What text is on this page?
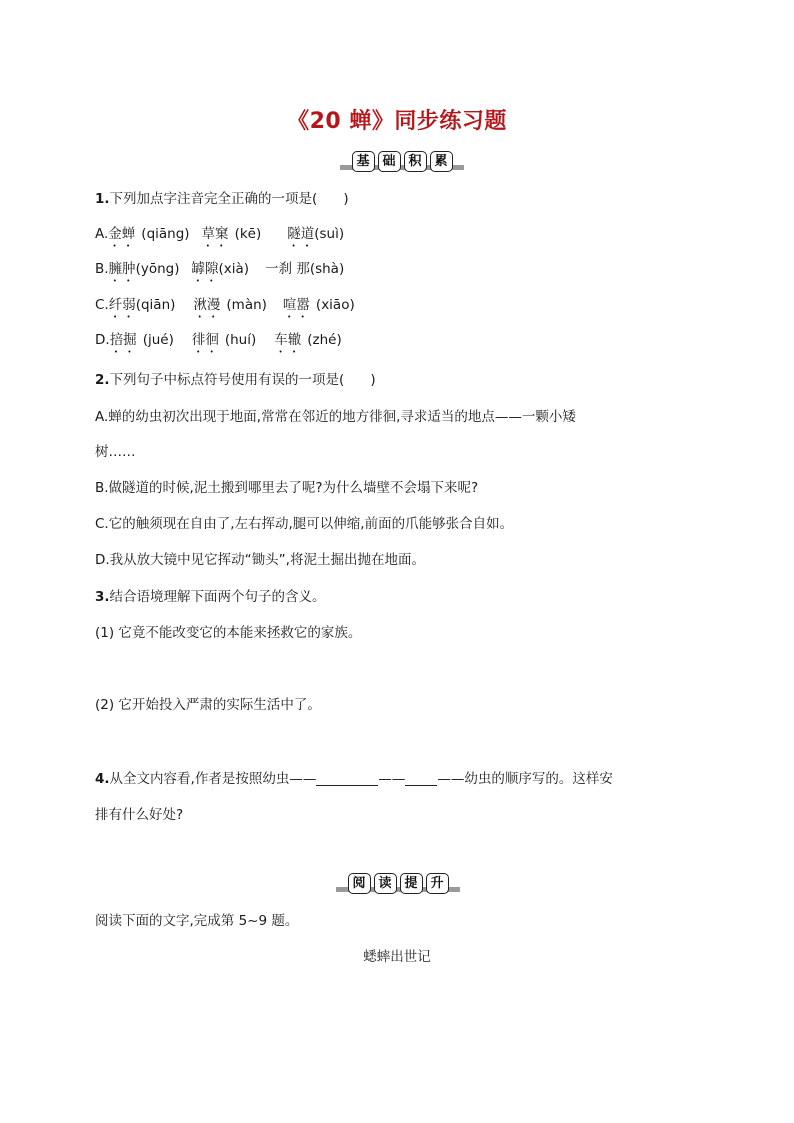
《20 蝉》同步练习题
基 础 积 累
1.下列加点字注音完全正确的一项是( )
A.金蝉 (qiāng) 草窠 (kē) 隧道(suì)
B.臃肿(yōng) 罅隙(xià) 一刹 那(shà)
C.纤弱(qiān) 湫漫 (màn) 喧嚣 (xiāo)
D.掊掘 (jué) 徘徊 (huí) 车辙 (zhé)
2.下列句子中标点符号使用有误的一项是( )
A.蝉的幼虫初次出现于地面,常常在邻近的地方徘徊,寻求适当的地点——一颗小矮
树……
B.做隧道的时候,泥土搬到哪里去了呢?为什么墙壁不会塌下来呢?
C.它的触须现在自由了,左右挥动,腿可以伸缩,前面的爪能够张合自如。
D.我从放大镜中见它挥动“锄头”,将泥土掘出抛在地面。
3.结合语境理解下面两个句子的含义。
(1) 它竟不能改变它的本能来拯救它的家族。
(2) 它开始投入严肃的实际生活中了。
4.从全文内容看,作者是按照幼虫——	—— ——幼虫的顺序写的。这样安
排有什么好处?
阅 读 提 升
阅读下面的文字,完成第 5~9 题。
蟋蟀出世记
